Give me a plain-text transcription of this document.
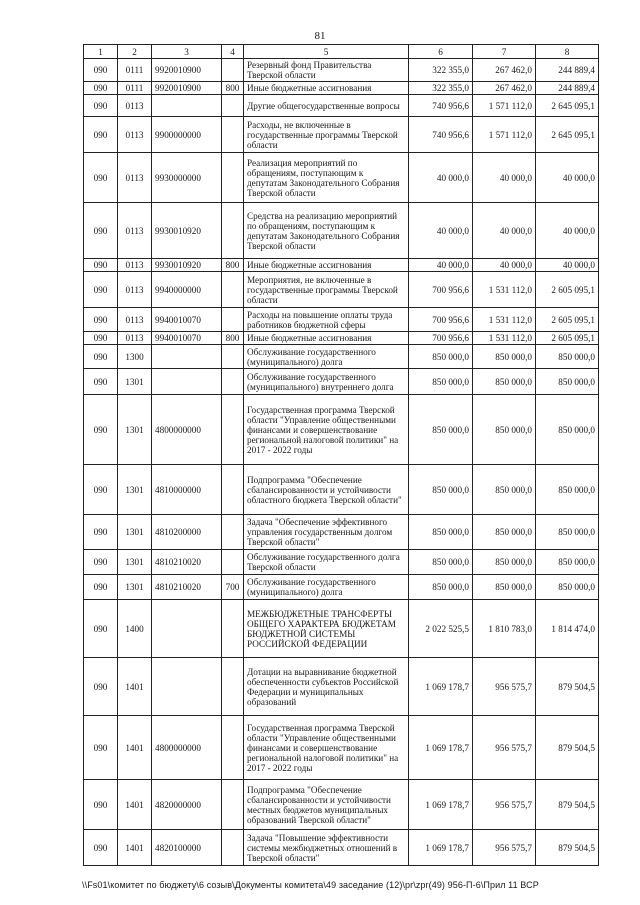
81
1	2	3	4	5	6	7	8
090	0111	9920010900		Резервный фонд Правительства Тверской области	322 355,0	267 462,0	244 889,4
090	0111	9920010900	800	Иные бюджетные ассигнования	322 355,0	267 462,0	244 889,4
090	0113			Другие общегосударственные вопросы	740 956,6	1 571 112,0	2 645 095,1
090	0113	9900000000		Расходы, не включенные в государственные программы Тверской области	740 956,6	1 571 112,0	2 645 095,1
090	0113	9930000000		Реализация мероприятий по обращениям, поступающим к депутатам Законодательного Собрания Тверской области	40 000,0	40 000,0	40 000,0
090	0113	9930010920		Средства на реализацию мероприятий по обращениям, поступающим к депутатам Законодательного Собрания Тверской области	40 000,0	40 000,0	40 000,0
090	0113	9930010920	800	Иные бюджетные ассигнования	40 000,0	40 000,0	40 000,0
090	0113	9940000000		Мероприятия, не включенные в государственные программы Тверской области	700 956,6	1 531 112,0	2 605 095,1
090	0113	9940010070		Расходы на повышение оплаты труда работников бюджетной сферы	700 956,6	1 531 112,0	2 605 095,1
090	0113	9940010070	800	Иные бюджетные ассигнования	700 956,6	1 531 112,0	2 605 095,1
090	1300			Обслуживание государственного (муниципального) долга	850 000,0	850 000,0	850 000,0
090	1301			Обслуживание государственного (муниципального) внутреннего долга	850 000,0	850 000,0	850 000,0
090	1301	4800000000		Государственная программа Тверской области "Управление общественными финансами и совершенствование региональной налоговой политики" на 2017 - 2022 годы	850 000,0	850 000,0	850 000,0
090	1301	4810000000		Подпрограмма "Обеспечение сбалансированности и устойчивости областного бюджета Тверской области"	850 000,0	850 000,0	850 000,0
090	1301	4810200000		Задача "Обеспечение эффективного управления государственным долгом Тверской области"	850 000,0	850 000,0	850 000,0
090	1301	4810210020		Обслуживание государственного долга Тверской области	850 000,0	850 000,0	850 000,0
090	1301	4810210020	700	Обслуживание государственного (муниципального) долга	850 000,0	850 000,0	850 000,0
090	1400			МЕЖБЮДЖЕТНЫЕ ТРАНСФЕРТЫ ОБЩЕГО ХАРАКТЕРА БЮДЖЕТАМ БЮДЖЕТНОЙ СИСТЕМЫ РОССИЙСКОЙ ФЕДЕРАЦИИ	2 022 525,5	1 810 783,0	1 814 474,0
090	1401			Дотации на выравнивание бюджетной обеспеченности субъектов Российской Федерации и муниципальных образований	1 069 178,7	956 575,7	879 504,5
090	1401	4800000000		Государственная программа Тверской области "Управление общественными финансами и совершенствование региональной налоговой политики" на 2017 - 2022 годы	1 069 178,7	956 575,7	879 504,5
090	1401	4820000000		Подпрограмма "Обеспечение сбалансированности и устойчивости местных бюджетов муниципальных образований Тверской области"	1 069 178,7	956 575,7	879 504,5
090	1401	4820100000		Задача "Повышение эффективности системы межбюджетных отношений в Тверской области"	1 069 178,7	956 575,7	879 504,5
\\Fs01\комитет по бюджету\6 созыв\Документы комитета\49 заседание (12)\pr\zpr(49) 956-П-6\Прил 11 ВСР
